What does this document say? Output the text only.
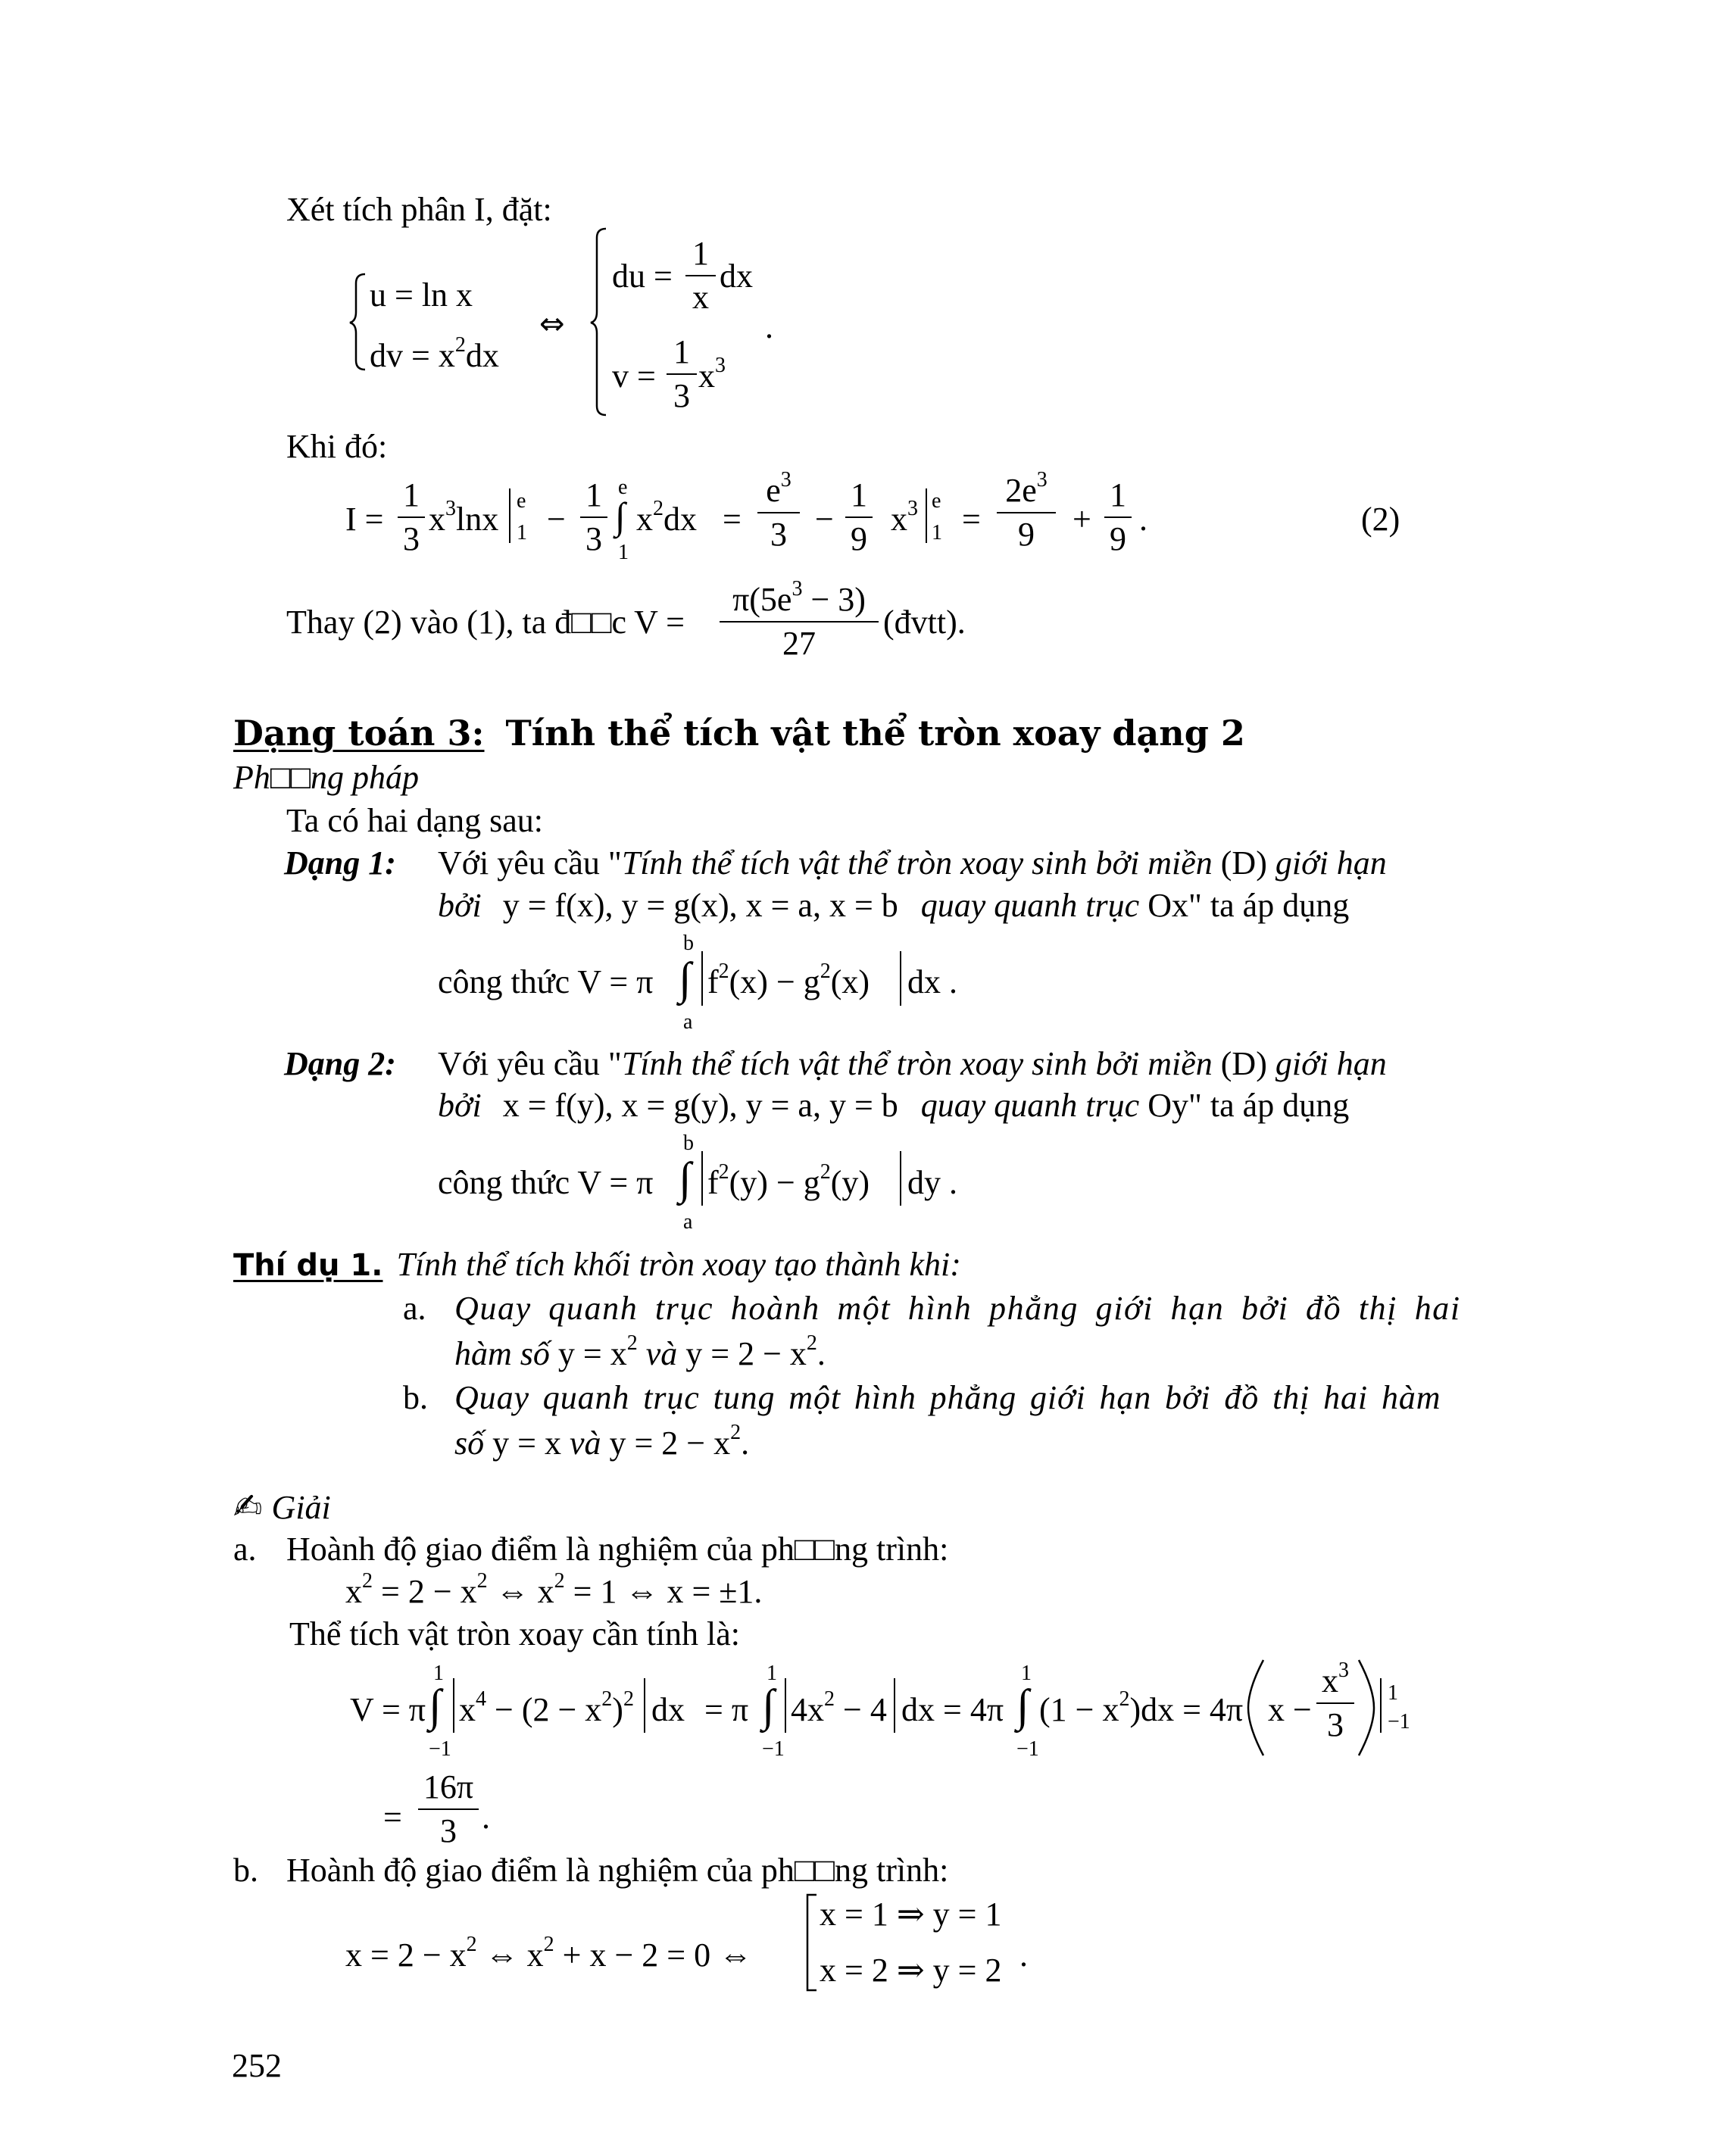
Xét tích phân I, đặt:
u = ln x
dv = $x^2dx$
⇔
du =
1
x
dx
v =
1
3
$x^3$
.
Khi đó:
I =
1
3
$x^3\ln x$ e
1 −
1
3
e
∫
1
$x^2dx$ =
$e^3$
3 −
1
9
$x^3$ e
1 =
$2e^3$
9	+
1
9
.	(2)
Thay (2) vào (1), ta đ□□c V =
$\pi(5e^3 - 3)$
27
(đvtt).
Dạng toán 3: Tính thể tích vật thể tròn xoay dạng 2
Ph□□ng pháp
Ta có hai dạng sau:
Dạng 1: Với yêu cầu "Tính thể tích vật thể tròn xoay sinh bởi miền (D) giới hạn
bởi y = f(x), y = g(x), x = a, x = b quay quanh trục Ox" ta áp dụng
công thức V = π
b
∫
a
$f^2(x) - g^2(x)$ dx .
Dạng 2: Với yêu cầu "Tính thể tích vật thể tròn xoay sinh bởi miền (D) giới hạn
bởi x = f(y), x = g(y), y = a, y = b quay quanh trục Oy" ta áp dụng
công thức V = π
b
∫
a
$f^2(y) - g^2(y)$ dy .
Thí dụ 1. Tính thể tích khối tròn xoay tạo thành khi:
a. Quay quanh trục hoành một hình phẳng giới hạn bởi đồ thị hai
hàm số $y = x^2$ và $y = 2 - x^2$.
b. Quay quanh trục tung một hình phẳng giới hạn bởi đồ thị hai hàm
số y = x và $y = 2 - x^2$.
✍ Giải
a. Hoành độ giao điểm là nghiệm của ph□□ng trình:
$x^2 = 2 - x^2$ ⇔ $x^2 = 1$ ⇔ x = ±1.
Thể tích vật tròn xoay cần tính là:
V = π
1
∫
−1
$x^4 - (2 - x^2)^2$ dx = π
1
∫
−1
$4x^2 - 4$ dx = 4π
1
∫
−1
$(1 - x^2)dx = 4\pi$ x −
$x^3$
3
1
−1
=
16π
3 .
b. Hoành độ giao điểm là nghiệm của ph□□ng trình:
$x = 2 - x^2$ ⇔ $x^2 + x - 2 = 0$ ⇔
x = 1 ⇒ y = 1
x = 2 ⇒ y = 2 .
252
